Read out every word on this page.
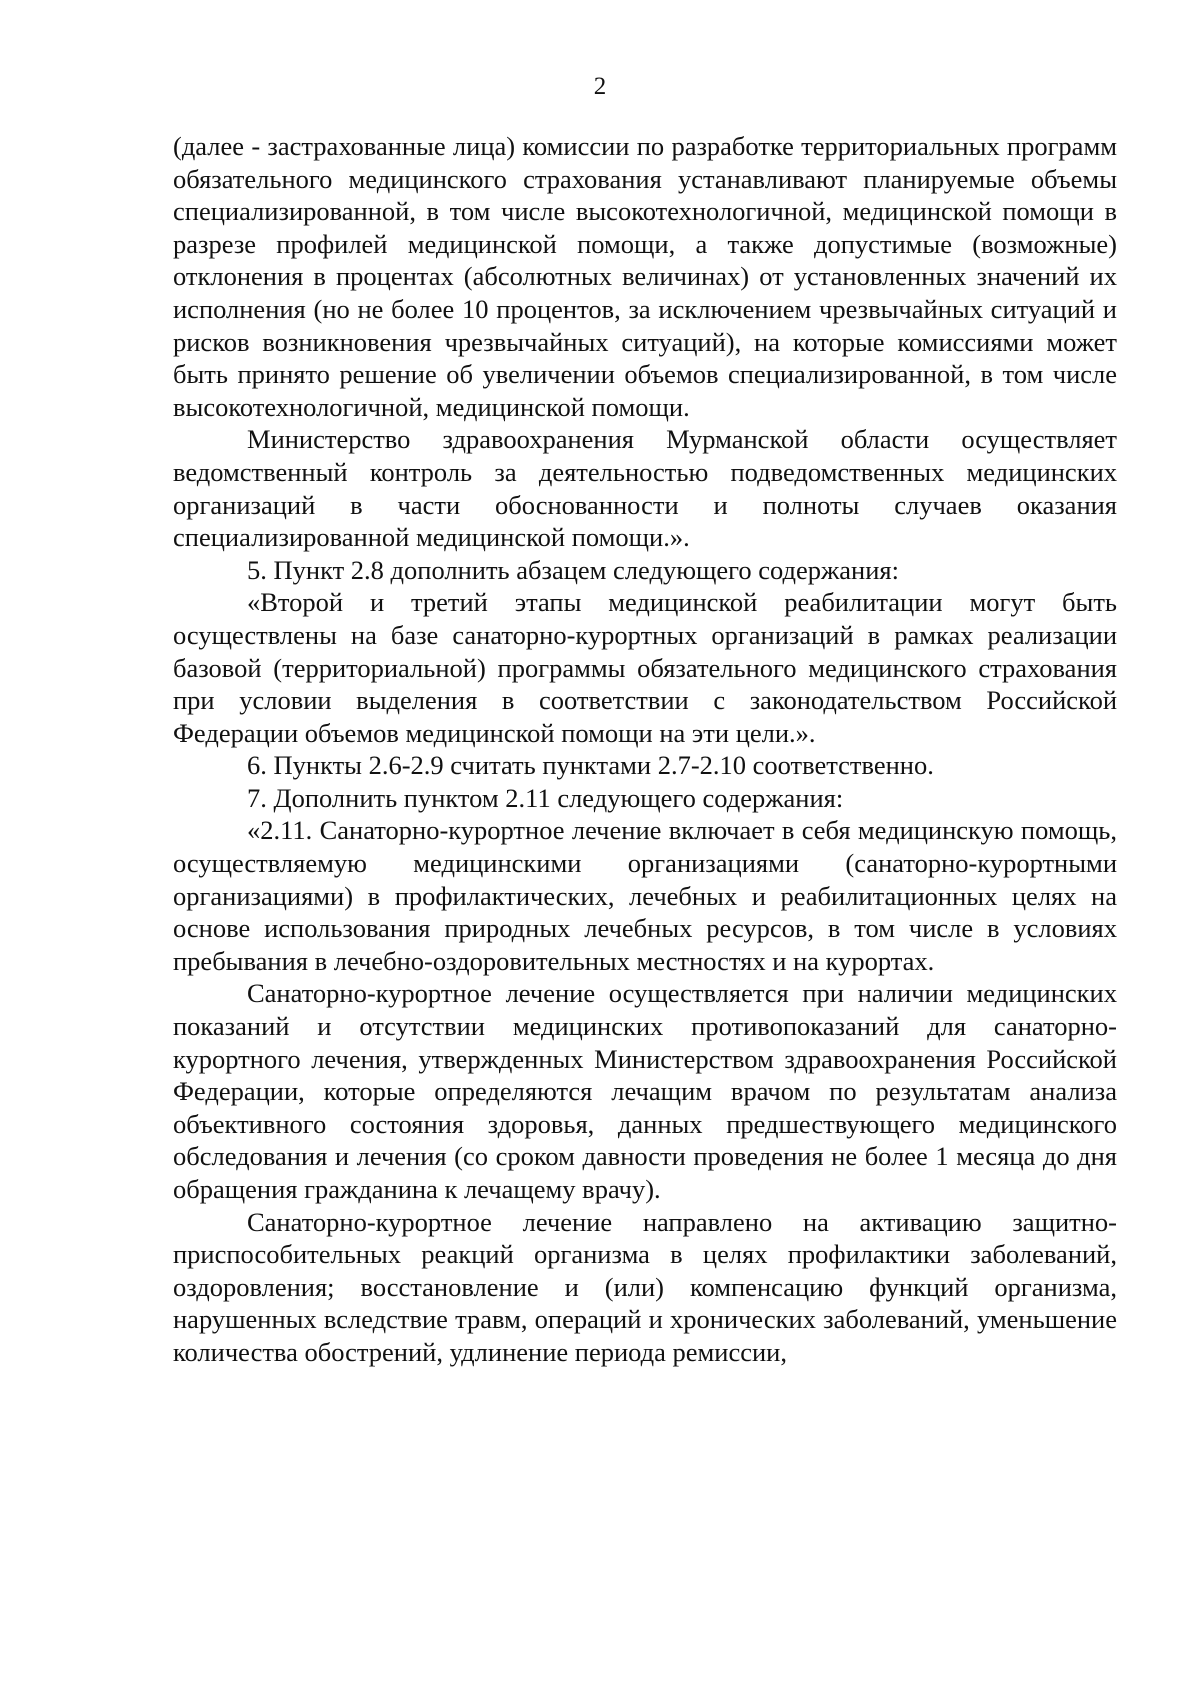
2

(далее - застрахованные лица) комиссии по разработке территориальных программ обязательного медицинского страхования устанавливают планируемые объемы специализированной, в том числе высокотехнологичной, медицинской помощи в разрезе профилей медицинской помощи, а также допустимые (возможные) отклонения в процентах (абсолютных величинах) от установленных значений их исполнения (но не более 10 процентов, за исключением чрезвычайных ситуаций и рисков возникновения чрезвычайных ситуаций), на которые комиссиями может быть принято решение об увеличении объемов специализированной, в том числе высокотехнологичной, медицинской помощи.

Министерство здравоохранения Мурманской области осуществляет ведомственный контроль за деятельностью подведомственных медицинских организаций в части обоснованности и полноты случаев оказания специализированной медицинской помощи.».

5. Пункт 2.8 дополнить абзацем следующего содержания:

«Второй и третий этапы медицинской реабилитации могут быть осуществлены на базе санаторно-курортных организаций в рамках реализации базовой (территориальной) программы обязательного медицинского страхования при условии выделения в соответствии с законодательством Российской Федерации объемов медицинской помощи на эти цели.».

6. Пункты 2.6-2.9 считать пунктами 2.7-2.10 соответственно.

7. Дополнить пунктом 2.11 следующего содержания:

«2.11. Санаторно-курортное лечение включает в себя медицинскую помощь, осуществляемую медицинскими организациями (санаторно-курортными организациями) в профилактических, лечебных и реабилитационных целях на основе использования природных лечебных ресурсов, в том числе в условиях пребывания в лечебно-оздоровительных местностях и на курортах.

Санаторно-курортное лечение осуществляется при наличии медицинских показаний и отсутствии медицинских противопоказаний для санаторно-курортного лечения, утвержденных Министерством здравоохранения Российской Федерации, которые определяются лечащим врачом по результатам анализа объективного состояния здоровья, данных предшествующего медицинского обследования и лечения (со сроком давности проведения не более 1 месяца до дня обращения гражданина к лечащему врачу).

Санаторно-курортное лечение направлено на активацию защитно-приспособительных реакций организма в целях профилактики заболеваний, оздоровления; восстановление и (или) компенсацию функций организма, нарушенных вследствие травм, операций и хронических заболеваний, уменьшение количества обострений, удлинение периода ремиссии,
